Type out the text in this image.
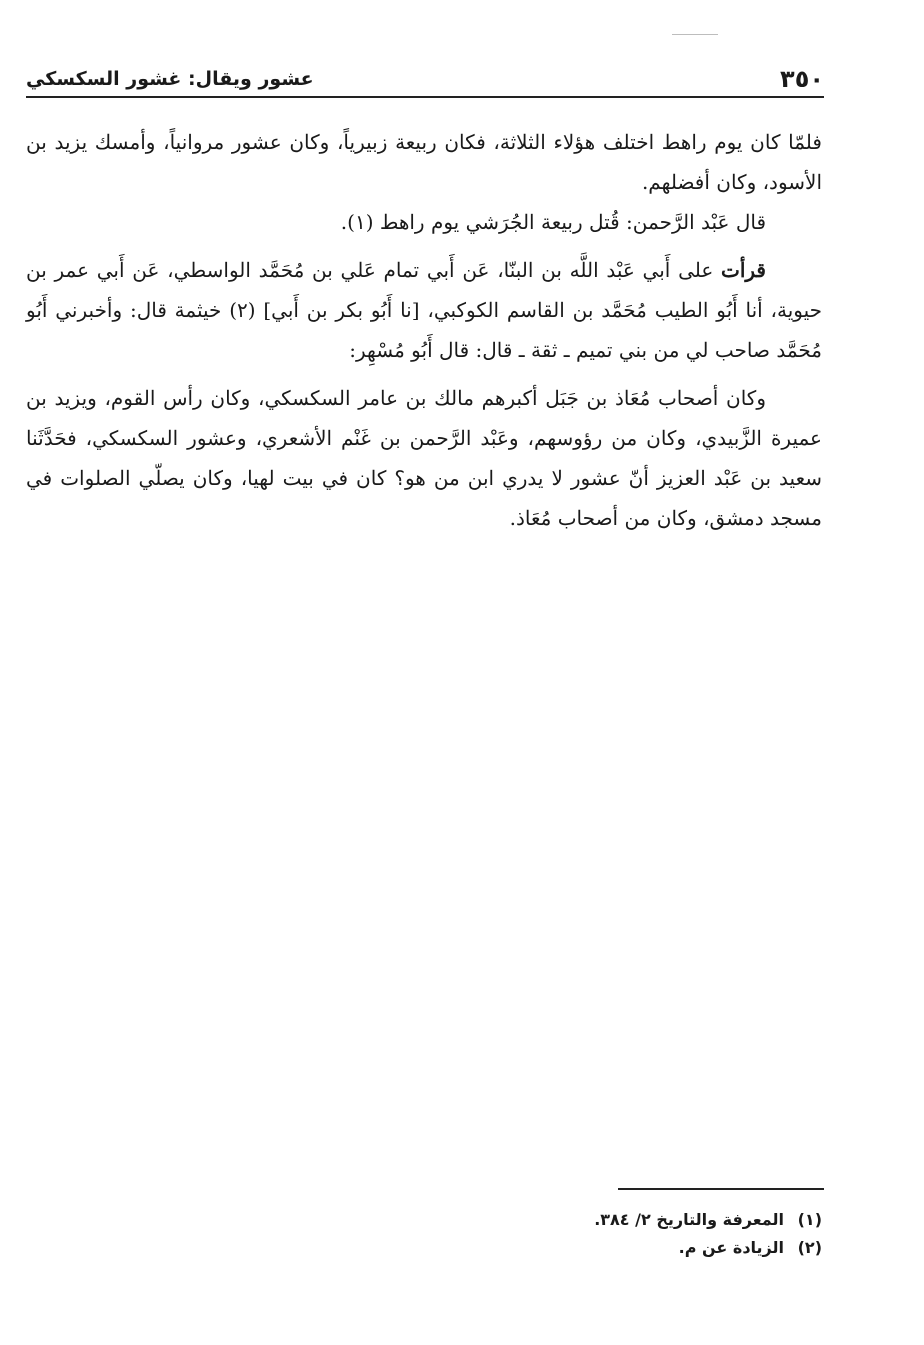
٣٥٠
عشور ويقال: غشور السكسكي

فلمّا كان يوم راهط اختلف هؤلاء الثلاثة، فكان ربيعة زبيرياً، وكان عشور مروانياً، وأمسك يزيد بن الأسود، وكان أفضلهم.

قال عَبْد الرَّحمن: قُتل ربيعة الجُرَشي يوم راهط (١).

قرأت على أَبي عَبْد اللَّه بن البنّا، عَن أَبي تمام عَلي بن مُحَمَّد الواسطي، عَن أَبي عمر بن حيوية، أنا أَبُو الطيب مُحَمَّد بن القاسم الكوكبي، [نا أَبُو بكر بن أَبي] (٢) خيثمة قال: وأخبرني أَبُو مُحَمَّد صاحب لي من بني تميم ـ ثقة ـ قال: قال أَبُو مُسْهِر:

وكان أصحاب مُعَاذ بن جَبَل أكبرهم مالك بن عامر السكسكي، وكان رأس القوم، ويزيد بن عميرة الزَّبيدي، وكان من رؤوسهم، وعَبْد الرَّحمن بن غَنْم الأشعري، وعشور السكسكي، فحَدَّثَنا سعيد بن عَبْد العزيز أنّ عشور لا يدري ابن من هو؟ كان في بيت لهيا، وكان يصلّي الصلوات في مسجد دمشق، وكان من أصحاب مُعَاذ.

(١)
المعرفة والتاريخ ٢/ ٣٨٤.
(٢)
الزيادة عن م.
